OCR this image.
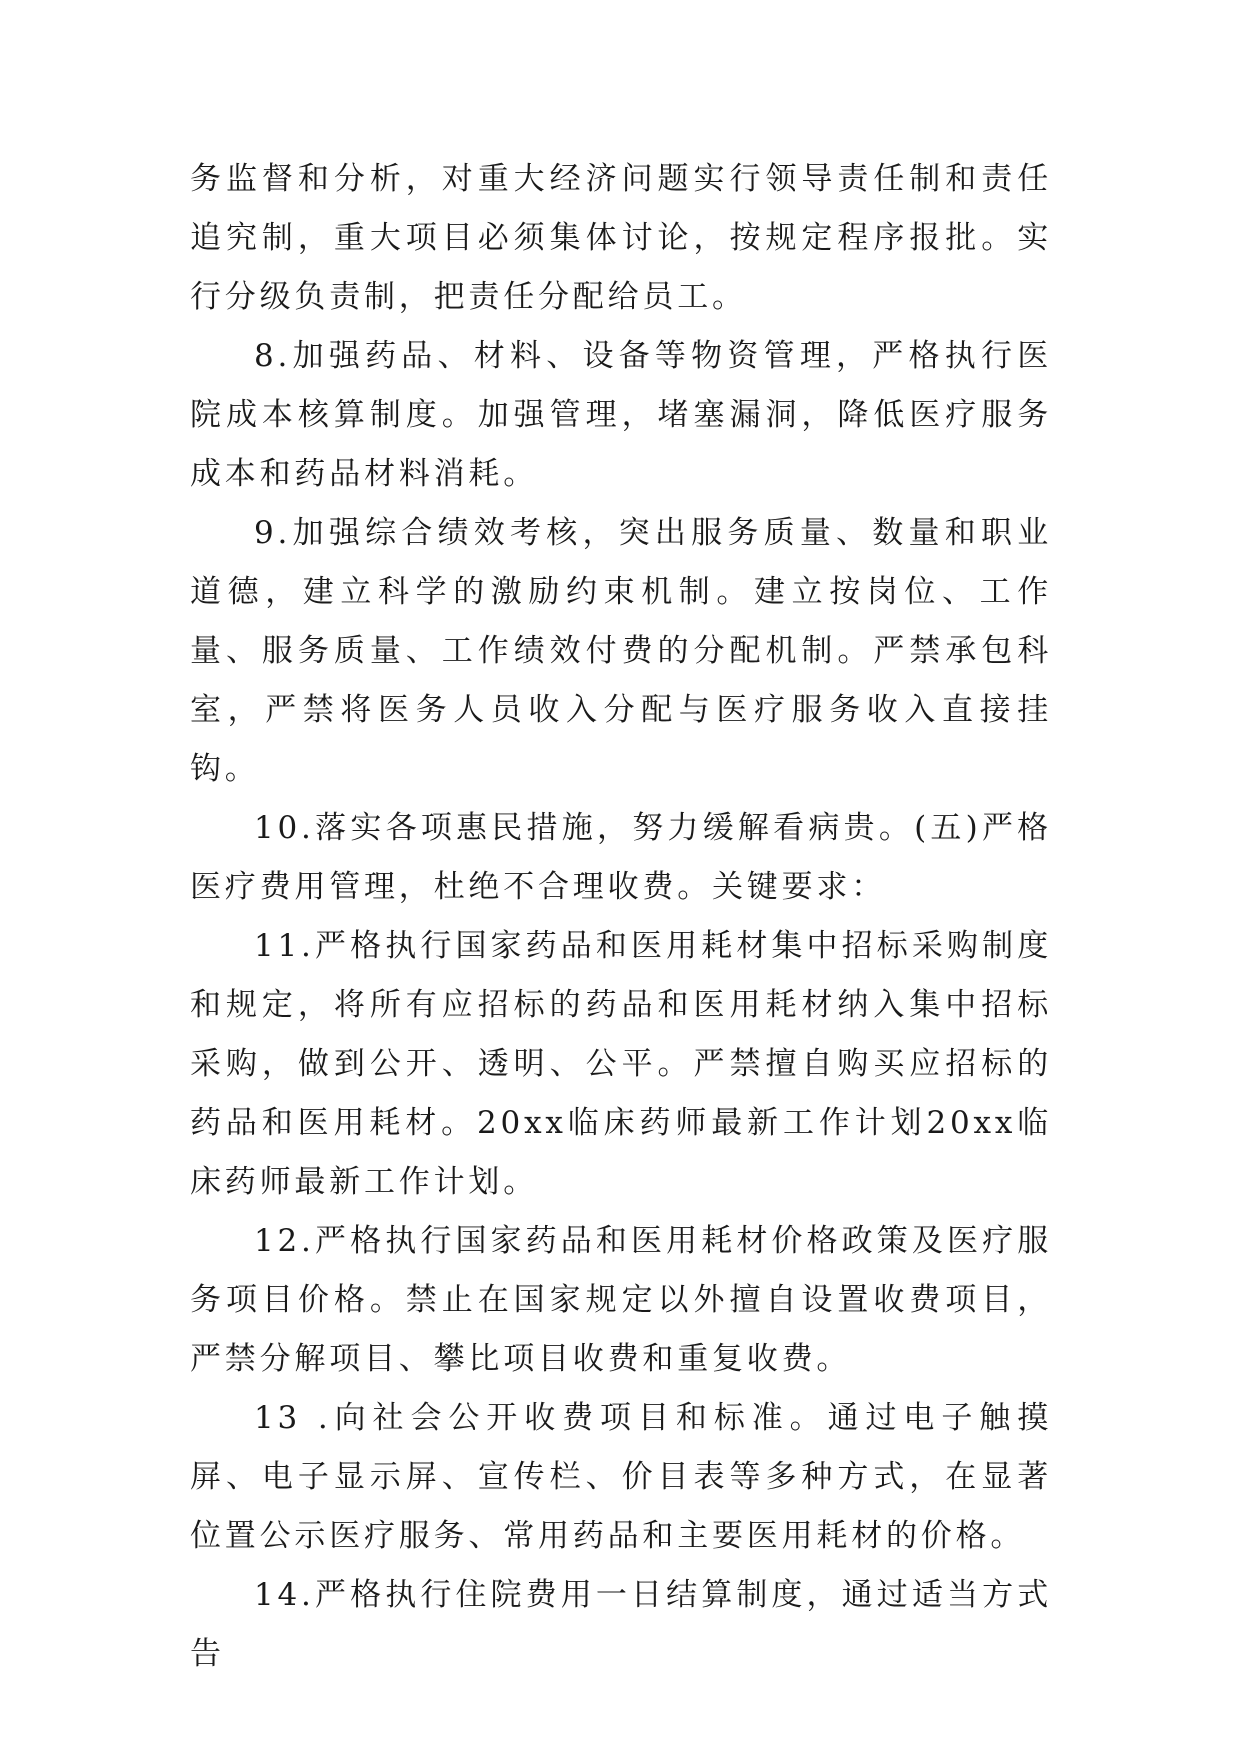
务监督和分析，对重大经济问题实行领导责任制和责任追究制，重大项目必须集体讨论，按规定程序报批。实行分级负责制，把责任分配给员工。

8.加强药品、材料、设备等物资管理，严格执行医院成本核算制度。加强管理，堵塞漏洞，降低医疗服务成本和药品材料消耗。

9.加强综合绩效考核，突出服务质量、数量和职业道德，建立科学的激励约束机制。建立按岗位、工作量、服务质量、工作绩效付费的分配机制。严禁承包科室，严禁将医务人员收入分配与医疗服务收入直接挂钩。

10.落实各项惠民措施，努力缓解看病贵。(五)严格医疗费用管理，杜绝不合理收费。关键要求：

11.严格执行国家药品和医用耗材集中招标采购制度和规定，将所有应招标的药品和医用耗材纳入集中招标采购，做到公开、透明、公平。严禁擅自购买应招标的药品和医用耗材。20xx临床药师最新工作计划20xx临床药师最新工作计划。

12.严格执行国家药品和医用耗材价格政策及医疗服务项目价格。禁止在国家规定以外擅自设置收费项目，严禁分解项目、攀比项目收费和重复收费。

13 .向社会公开收费项目和标准。通过电子触摸屏、电子显示屏、宣传栏、价目表等多种方式，在显著位置公示医疗服务、常用药品和主要医用耗材的价格。

14.严格执行住院费用一日结算制度，通过适当方式告
